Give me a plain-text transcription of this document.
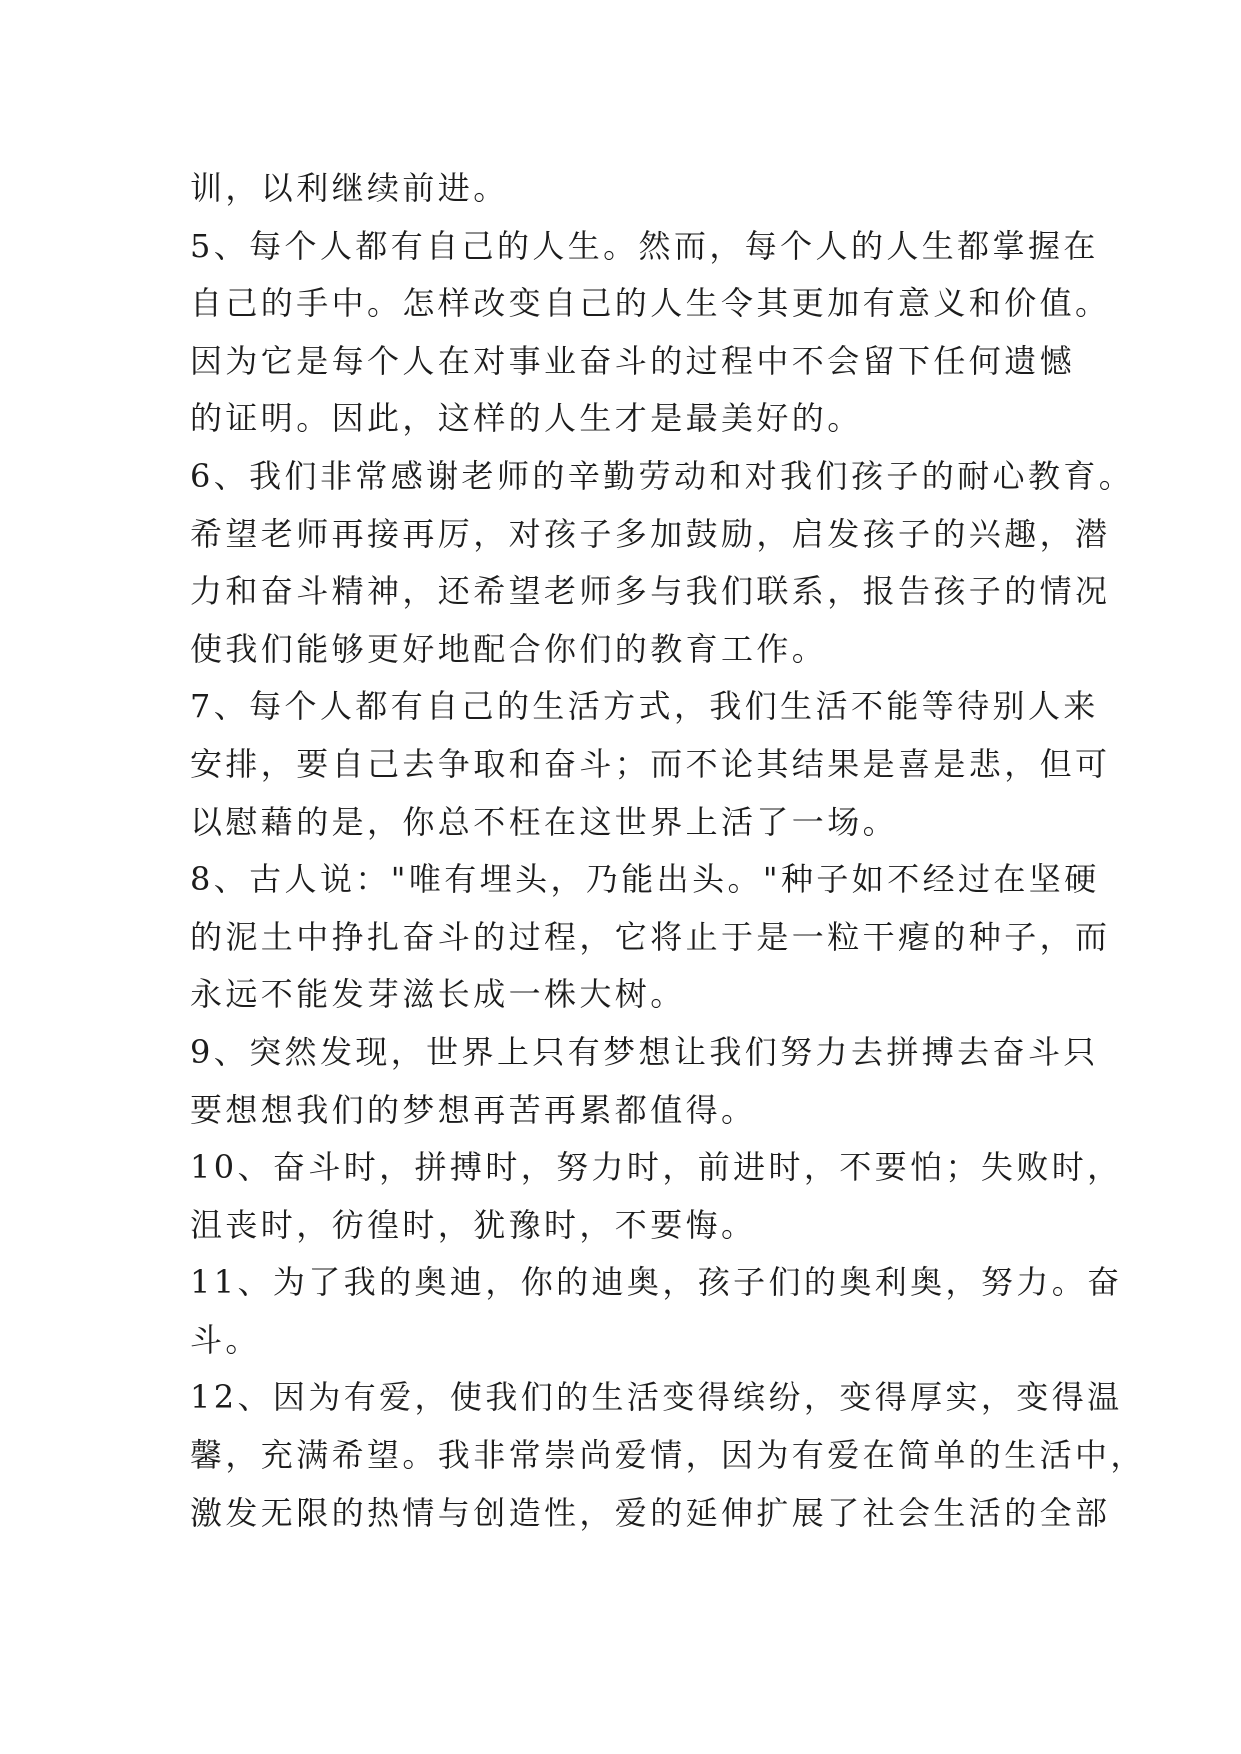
训，以利继续前进。
5、每个人都有自己的人生。然而，每个人的人生都掌握在
自己的手中。怎样改变自己的人生令其更加有意义和价值。
因为它是每个人在对事业奋斗的过程中不会留下任何遗憾
的证明。因此，这样的人生才是最美好的。
6、我们非常感谢老师的辛勤劳动和对我们孩子的耐心教育。
希望老师再接再厉，对孩子多加鼓励，启发孩子的兴趣，潜
力和奋斗精神，还希望老师多与我们联系，报告孩子的情况
使我们能够更好地配合你们的教育工作。
7、每个人都有自己的生活方式，我们生活不能等待别人来
安排，要自己去争取和奋斗；而不论其结果是喜是悲，但可
以慰藉的是，你总不枉在这世界上活了一场。
8、古人说："唯有埋头，乃能出头。"种子如不经过在坚硬
的泥土中挣扎奋斗的过程，它将止于是一粒干瘪的种子，而
永远不能发芽滋长成一株大树。
9、突然发现，世界上只有梦想让我们努力去拼搏去奋斗只
要想想我们的梦想再苦再累都值得。
10、奋斗时，拼搏时，努力时，前进时，不要怕；失败时，
沮丧时，彷徨时，犹豫时，不要悔。
11、为了我的奥迪，你的迪奥，孩子们的奥利奥，努力。奋
斗。
12、因为有爱，使我们的生活变得缤纷，变得厚实，变得温
馨，充满希望。我非常崇尚爱情，因为有爱在简单的生活中，
激发无限的热情与创造性，爱的延伸扩展了社会生活的全部
